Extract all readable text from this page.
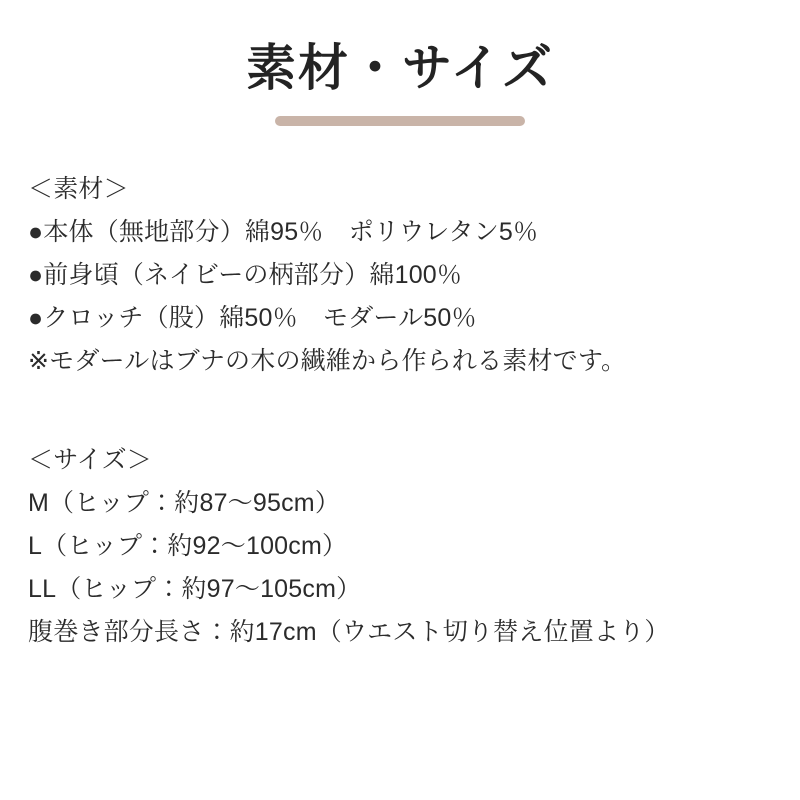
素材・サイズ
＜素材＞
●本体（無地部分）綿95％　ポリウレタン5％
●前身頃（ネイビーの柄部分）綿100％
●クロッチ（股）綿50％　モダール50％
※モダールはブナの木の繊維から作られる素材です。
＜サイズ＞
M（ヒップ：約87〜95cm）
L（ヒップ：約92〜100cm）
LL（ヒップ：約97〜105cm）
腹巻き部分長さ：約17cm（ウエスト切り替え位置より）
